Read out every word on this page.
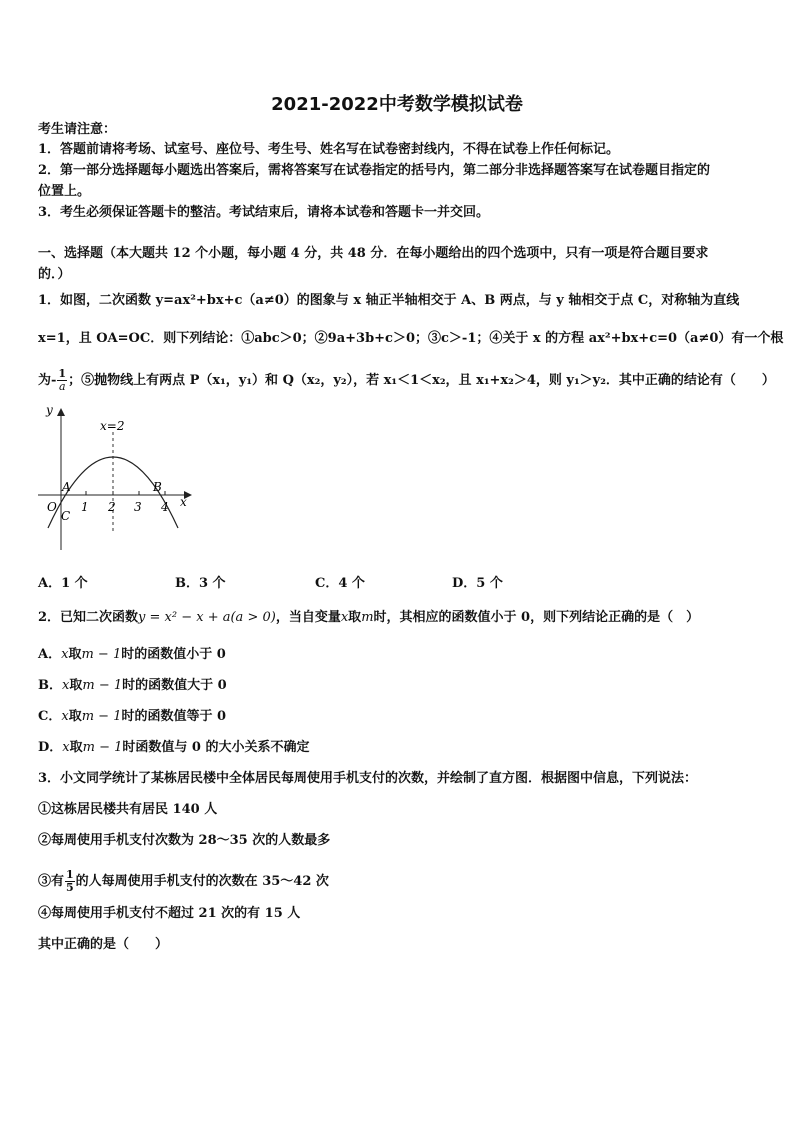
2021-2022中考数学模拟试卷
考生请注意：
1．答题前请将考场、试室号、座位号、考生号、姓名写在试卷密封线内，不得在试卷上作任何标记。
2．第一部分选择题每小题选出答案后，需将答案写在试卷指定的括号内，第二部分非选择题答案写在试卷题目指定的
位置上。
3．考生必须保证答题卡的整洁。考试结束后，请将本试卷和答题卡一并交回。
一、选择题（本大题共 12 个小题，每小题 4 分，共 48 分．在每小题给出的四个选项中，只有一项是符合题目要求
的．）
1．如图，二次函数 y=ax²+bx+c（a≠0）的图象与 x 轴正半轴相交于 A、B 两点，与 y 轴相交于点 C，对称轴为直线
x=1，且 OA=OC．则下列结论：①abc＞0；②9a+3b+c＞0；③c＞-1；④关于 x 的方程 ax²+bx+c=0（a≠0）有一个根
为- $\frac{1}{a}$ ；⑤抛物线上有两点 P（x₁，y₁）和 Q（x₂，y₂），若 x₁＜1＜x₂，且 x₁+x₂＞4，则 y₁＞y₂．其中正确的结论有（　　）
y
x
x=2
O
A	B
C
1 2 3 4
A．1 个	B．3 个	C．4 个	D．5 个
2．已知二次函数y = x² − x + a(a > 0)，当自变量x取m时，其相应的函数值小于 0，则下列结论正确的是（　）
A．x取m − 1时的函数值小于 0
B．x取m − 1时的函数值大于 0
C．x取m − 1时的函数值等于 0
D．x取m − 1时函数值与 0 的大小关系不确定
3．小文同学统计了某栋居民楼中全体居民每周使用手机支付的次数，并绘制了直方图．根据图中信息，下列说法：
①这栋居民楼共有居民 140 人
②每周使用手机支付次数为 28～35 次的人数最多
③有 $\frac{1}{5}$ 的人每周使用手机支付的次数在 35～42 次
④每周使用手机支付不超过 21 次的有 15 人
其中正确的是（　　）
